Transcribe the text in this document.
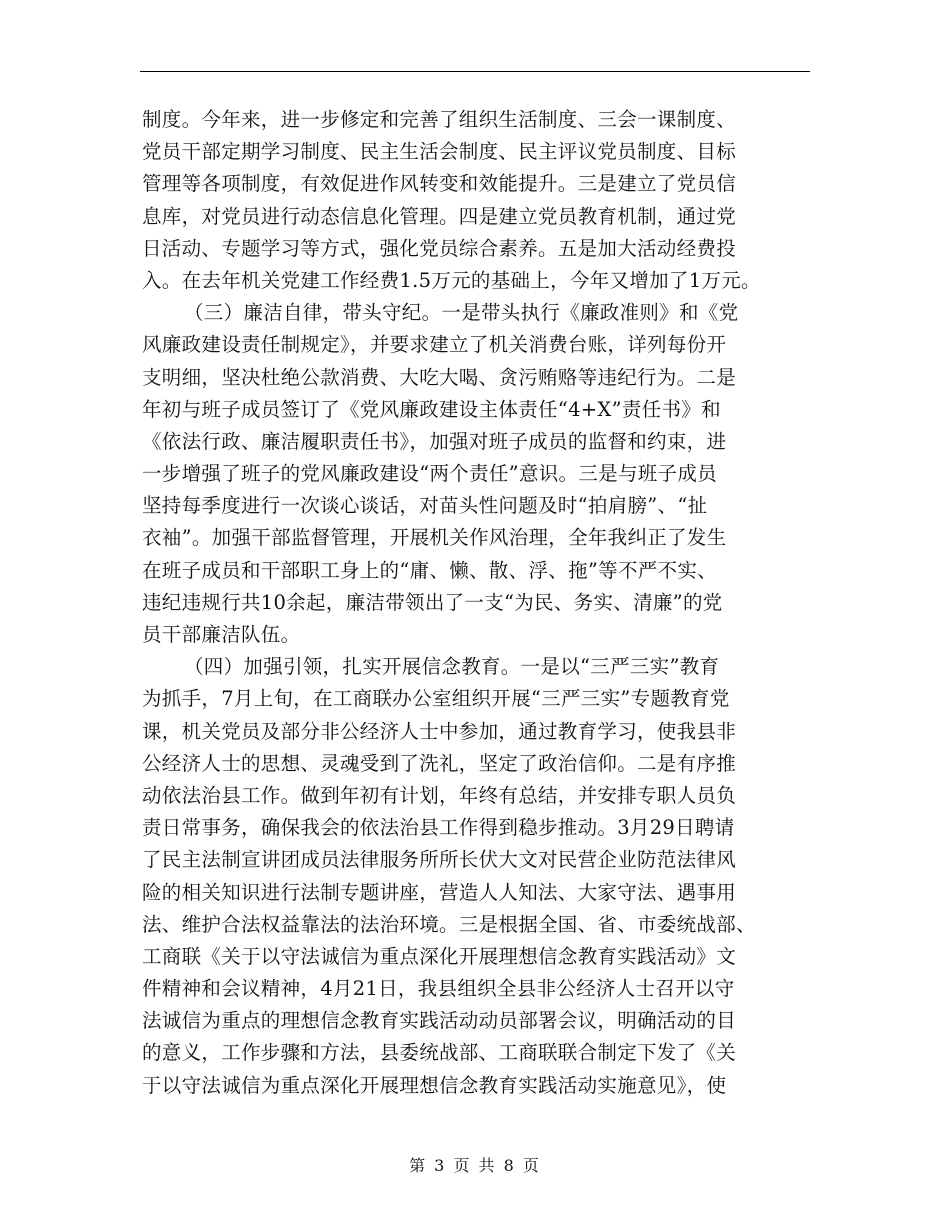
制度。今年来，进一步修定和完善了组织生活制度、三会一课制度、
党员干部定期学习制度、民主生活会制度、民主评议党员制度、目标
管理等各项制度，有效促进作风转变和效能提升。三是建立了党员信
息库，对党员进行动态信息化管理。四是建立党员教育机制，通过党
日活动、专题学习等方式，强化党员综合素养。五是加大活动经费投
入。在去年机关党建工作经费1.5万元的基础上，今年又增加了1万元。
（三）廉洁自律，带头守纪。一是带头执行《廉政准则》和《党
风廉政建设责任制规定》，并要求建立了机关消费台账，详列每份开
支明细，坚决杜绝公款消费、大吃大喝、贪污贿赂等违纪行为。二是
年初与班子成员签订了《党风廉政建设主体责任“4+X”责任书》和
《依法行政、廉洁履职责任书》，加强对班子成员的监督和约束，进
一步增强了班子的党风廉政建设“两个责任”意识。三是与班子成员
坚持每季度进行一次谈心谈话，对苗头性问题及时“拍肩膀”、“扯
衣袖”。加强干部监督管理，开展机关作风治理，全年我纠正了发生
在班子成员和干部职工身上的“庸、懒、散、浮、拖”等不严不实、
违纪违规行共10余起，廉洁带领出了一支“为民、务实、清廉”的党
员干部廉洁队伍。
（四）加强引领，扎实开展信念教育。一是以“三严三实”教育
为抓手，7月上旬，在工商联办公室组织开展“三严三实”专题教育党
课，机关党员及部分非公经济人士中参加，通过教育学习，使我县非
公经济人士的思想、灵魂受到了洗礼，坚定了政治信仰。二是有序推
动依法治县工作。做到年初有计划，年终有总结，并安排专职人员负
责日常事务，确保我会的依法治县工作得到稳步推动。3月29日聘请
了民主法制宣讲团成员法律服务所所长伏大文对民营企业防范法律风
险的相关知识进行法制专题讲座，营造人人知法、大家守法、遇事用
法、维护合法权益靠法的法治环境。三是根据全国、省、市委统战部、
工商联《关于以守法诚信为重点深化开展理想信念教育实践活动》文
件精神和会议精神，4月21日，我县组织全县非公经济人士召开以守
法诚信为重点的理想信念教育实践活动动员部署会议，明确活动的目
的意义，工作步骤和方法，县委统战部、工商联联合制定下发了《关
于以守法诚信为重点深化开展理想信念教育实践活动实施意见》，使
第 3 页 共 8 页
